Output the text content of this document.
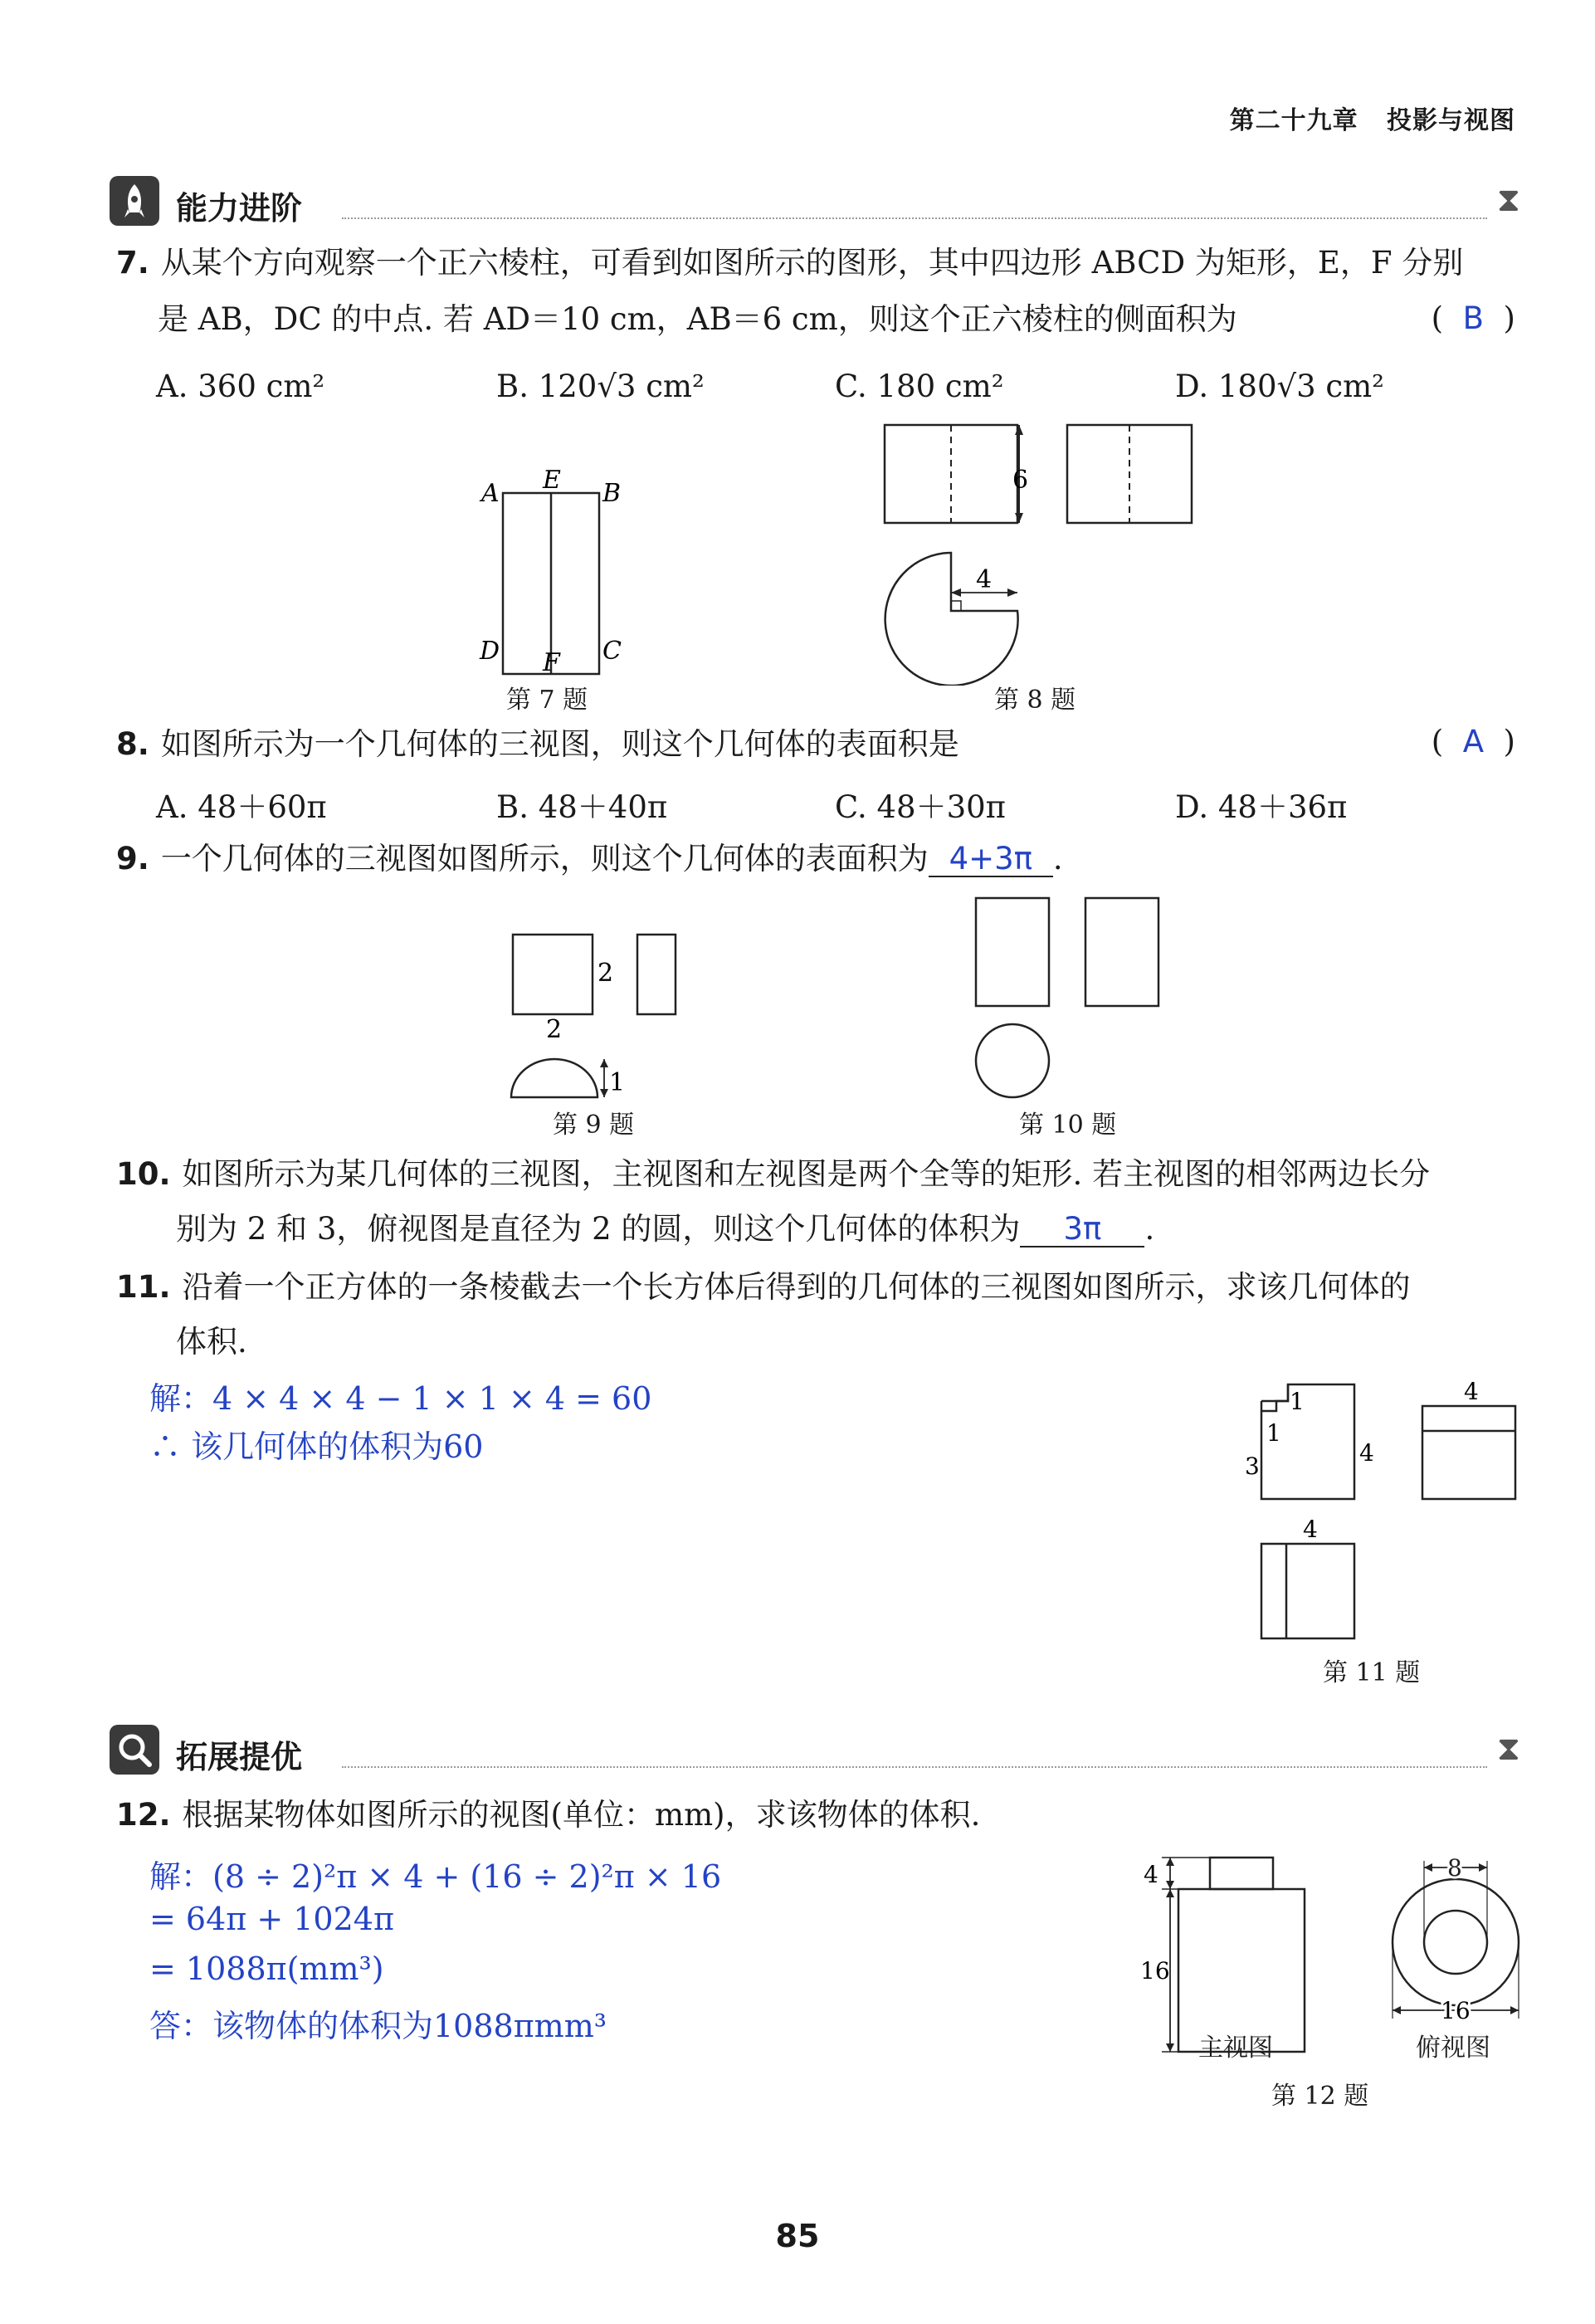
第二十九章 投影与视图
能力进阶	⧗
7. 从某个方向观察一个正六棱柱，可看到如图所示的图形，其中四边形 ABCD 为矩形，E，F 分别
是 AB，DC 的中点. 若 AD＝10 cm，AB＝6 cm，则这个正六棱柱的侧面积为	(  B  )
A. 360 cm²	B. 120√3 cm²	C. 180 cm²	D. 180√3 cm²
A E B
D F C
第 7 题
6
4
第 8 题
8. 如图所示为一个几何体的三视图，则这个几何体的表面积是	(  A  )
A. 48＋60π	B. 48＋40π	C. 48＋30π	D. 48＋36π
9. 一个几何体的三视图如图所示，则这个几何体的表面积为 4+3π .
2
2
1
第 9 题	第 10 题
10. 如图所示为某几何体的三视图，主视图和左视图是两个全等的矩形. 若主视图的相邻两边长分
别为 2 和 3，俯视图是直径为 2 的圆，则这个几何体的体积为 3π .
11. 沿着一个正方体的一条棱截去一个长方体后得到的几何体的三视图如图所示，求该几何体的
体积.
解：4 × 4 × 4 − 1 × 1 × 4 = 60
∴ 该几何体的体积为60
1
1
3	4
4
4
第 11 题
拓展提优	⧗
12. 根据某物体如图所示的视图(单位：mm)，求该物体的体积.
解：(8 ÷ 2)²π × 4 + (16 ÷ 2)²π × 16
= 64π + 1024π
= 1088π(mm³)
答：该物体的体积为1088πmm³
4
16
8
16
主视图	俯视图
第 12 题
85
